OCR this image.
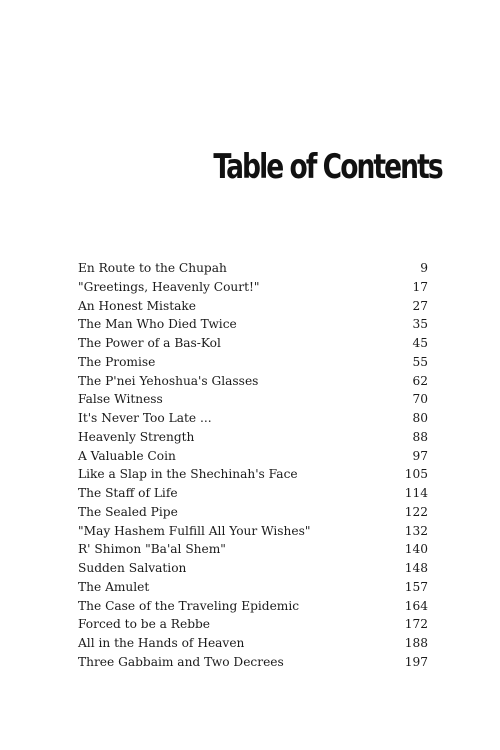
Table of Contents
En Route to the Chupah	9
"Greetings, Heavenly Court!"	17
An Honest Mistake	27
The Man Who Died Twice	35
The Power of a Bas-Kol	45
The Promise	55
The P'nei Yehoshua's Glasses	62
False Witness	70
It's Never Too Late ...	80
Heavenly Strength	88
A Valuable Coin	97
Like a Slap in the Shechinah's Face	105
The Staff of Life	114
The Sealed Pipe	122
"May Hashem Fulfill All Your Wishes"	132
R' Shimon "Ba'al Shem"	140
Sudden Salvation	148
The Amulet	157
The Case of the Traveling Epidemic	164
Forced to be a Rebbe	172
All in the Hands of Heaven	188
Three Gabbaim and Two Decrees	197
